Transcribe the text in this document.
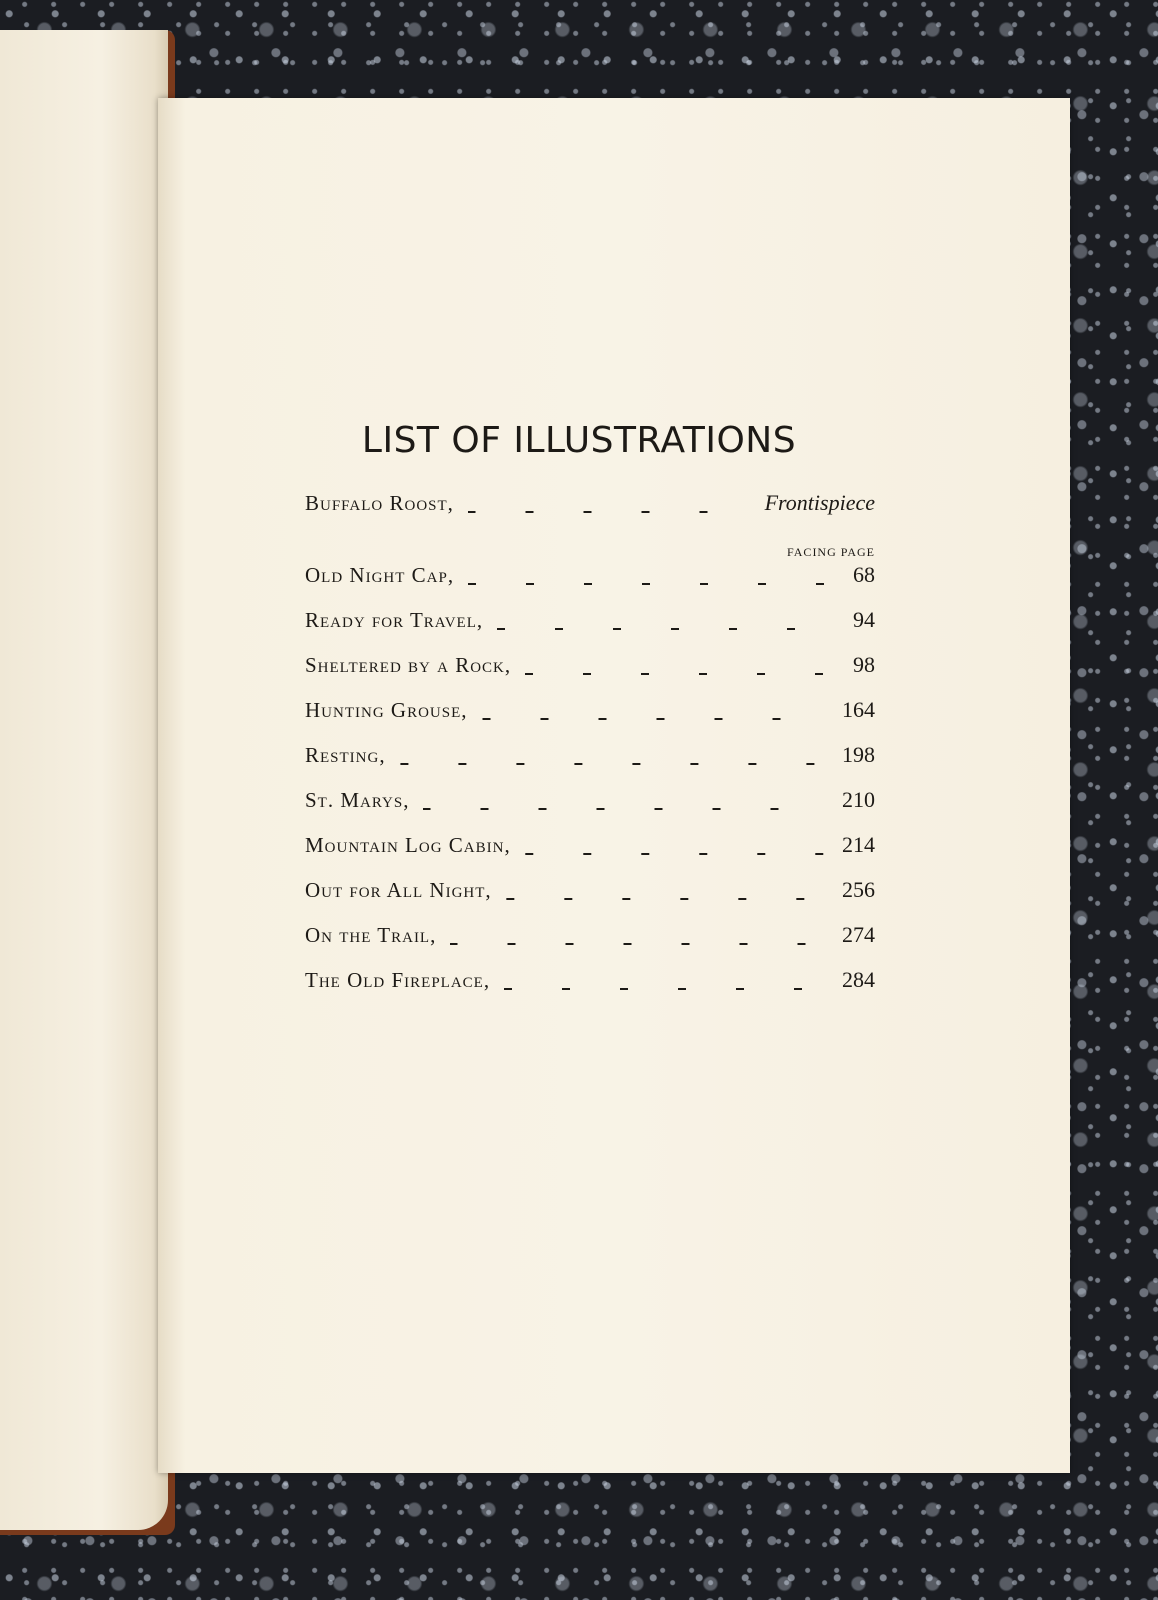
LIST OF ILLUSTRATIONS
Buffalo Roost,	Frontispiece
FACING PAGE
Old Night Cap,	68
Ready for Travel,	94
Sheltered by a Rock,	98
Hunting Grouse,	164
Resting,	198
St. Marys,	210
Mountain Log Cabin,	214
Out for All Night,	256
On the Trail,	274
The Old Fireplace,	284
